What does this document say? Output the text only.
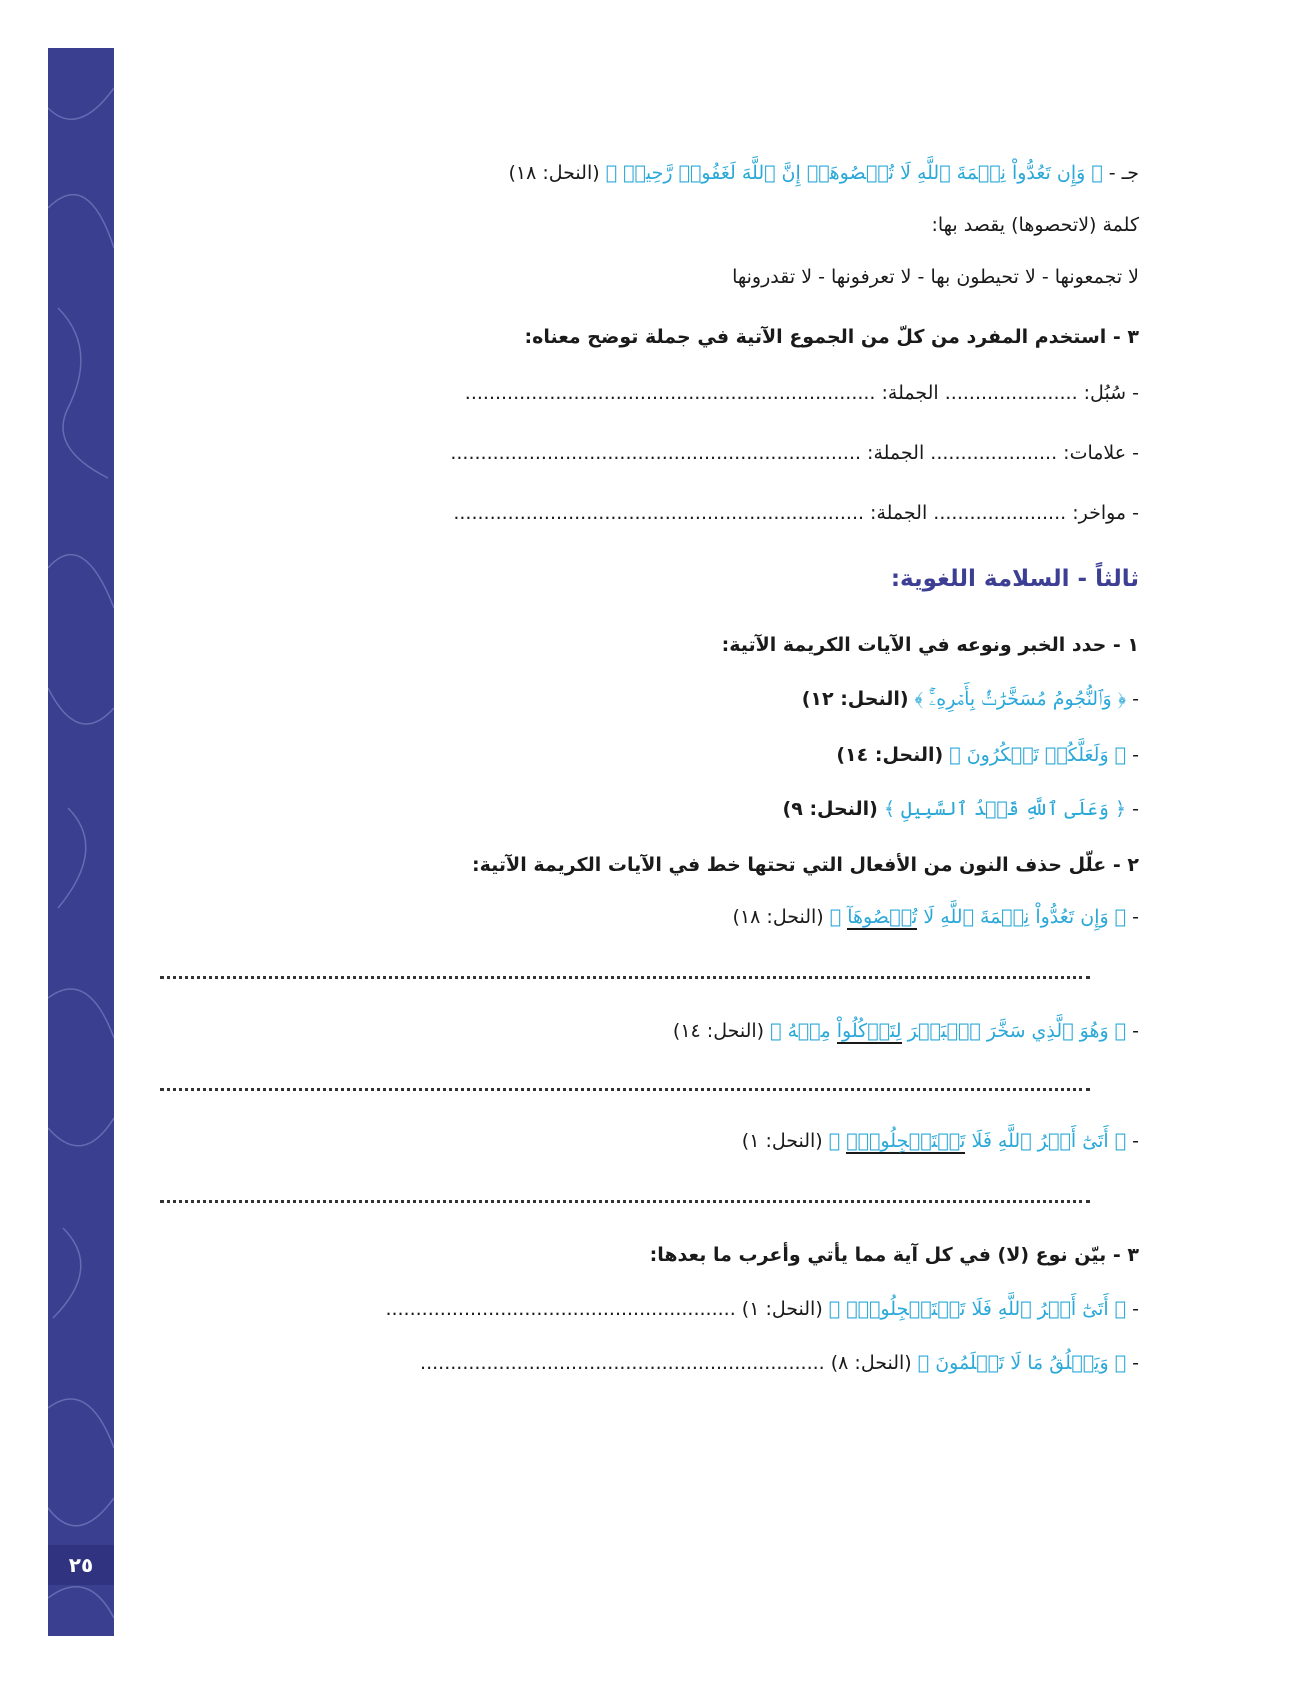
٢٥
جـ - ﴿ وَإِن تَعُدُّواْ نِعۡمَةَ ٱللَّهِ لَا تُحۡصُوهَآۗ إِنَّ ٱللَّهَ لَغَفُورٞ رَّحِيمٞ ﴾ (النحل: ١٨)
كلمة (لاتحصوها) يقصد بها:
لا تجمعونها - لا تحيطون بها - لا تعرفونها - لا تقدرونها
٣ - استخدم المفرد من كلّ من الجموع الآتية في جملة توضح معناه:
- سُبُل: ...................... الجملة: ....................................................................
- علامات: ..................... الجملة: ....................................................................
- مواخر: ...................... الجملة: ....................................................................
ثالثاً - السلامة اللغوية:
١ - حدد الخبر ونوعه في الآيات الكريمة الآتية:
- ﴿ وَٱلنُّجُومُ مُسَخَّرَٰتُۢ بِأَمۡرِهِۦٓۚ ﴾ (النحل: ١٢)
- ﴿ وَلَعَلَّكُمۡ تَشۡكُرُونَ ﴾ (النحل: ١٤)
- ﴿ وَعَلَى ٱللَّهِ قَصۡدُ ٱلسَّبِيلِ ﴾ (النحل: ٩)
٢ - علّل حذف النون من الأفعال التي تحتها خط في الآيات الكريمة الآتية:
- ﴿ وَإِن تَعُدُّواْ نِعۡمَةَ ٱللَّهِ لَا تُحۡصُوهَآ ﴾ (النحل: ١٨)
- ﴿ وَهُوَ ٱلَّذِي سَخَّرَ ٱلۡبَحۡرَ لِتَأۡكُلُواْ مِنۡهُ ﴾ (النحل: ١٤)
- ﴿ أَتَىٰٓ أَمۡرُ ٱللَّهِ فَلَا تَسۡتَعۡجِلُوهُۚ ﴾ (النحل: ١)
٣ - بيّن نوع (لا) في كل آية مما يأتي وأعرب ما بعدها:
- ﴿ أَتَىٰٓ أَمۡرُ ٱللَّهِ فَلَا تَسۡتَعۡجِلُوهُۚ ﴾ (النحل: ١) ..........................................................
- ﴿ وَيَخۡلُقُ مَا لَا تَعۡلَمُونَ ﴾ (النحل: ٨) ...................................................................
